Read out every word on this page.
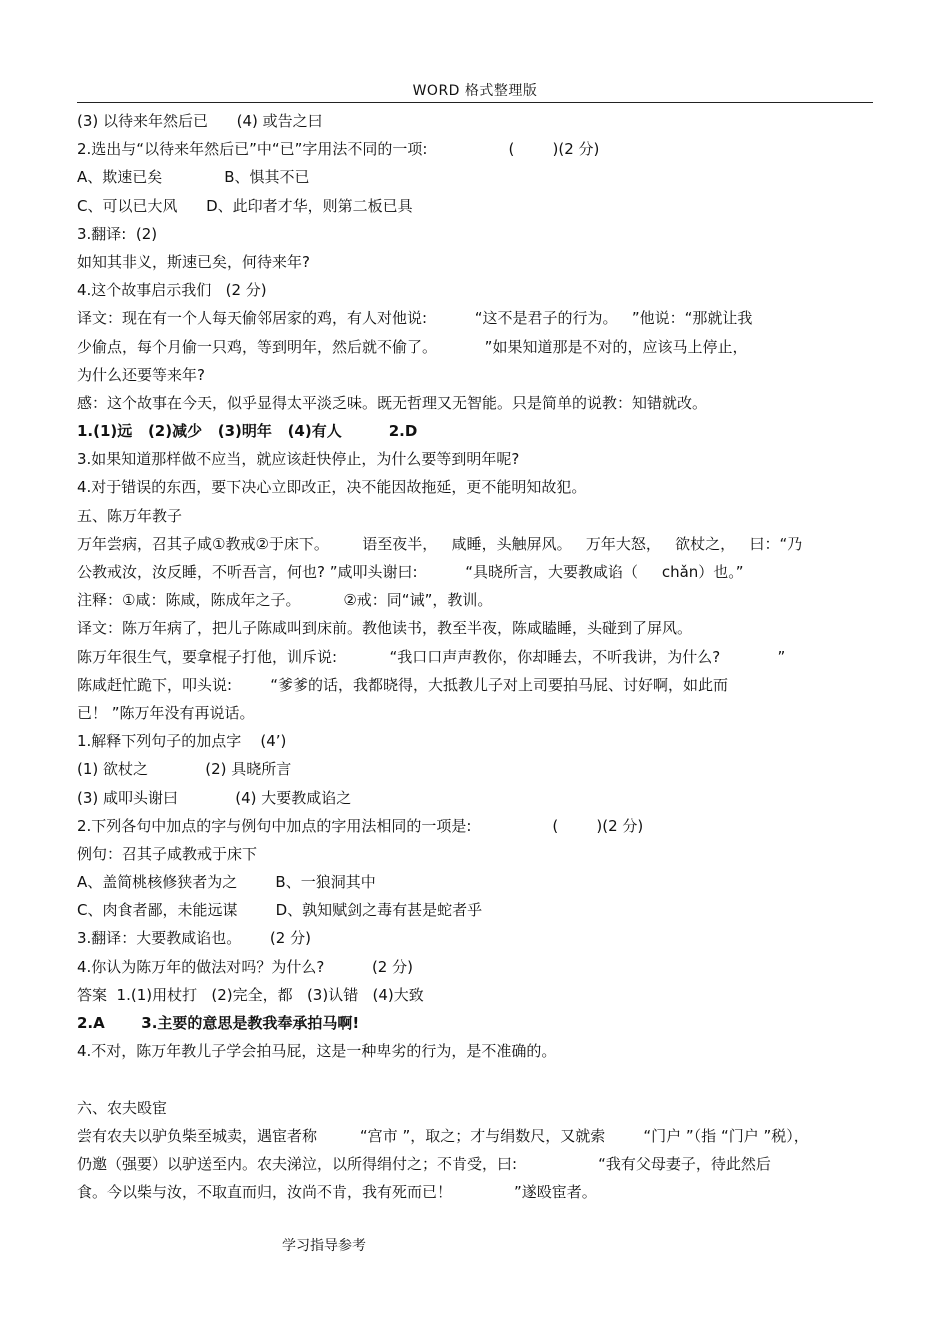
WORD 格式整理版
(3) 以待来年然后已      (4) 或告之曰
2.选出与“以待来年然后已”中“已”字用法不同的一项:                 (        )(2 分)
A、欺速已矣             B、惧其不已
C、可以已大风      D、此印者才华，则第二板已具
3.翻译:  (2)
如知其非义，斯速已矣，何待来年?
4.这个故事启示我们   (2 分)
译文：现在有一个人每天偷邻居家的鸡，有人对他说:          “这不是君子的行为。   ”他说：“那就让我
少偷点，每个月偷一只鸡，等到明年，然后就不偷了。          ”如果知道那是不对的，应该马上停止，
为什么还要等来年?
感：这个故事在今天，似乎显得太平淡乏味。既无哲理又无智能。只是简单的说教：知错就改。
1.(1)远   (2)减少   (3)明年   (4)有人         2.D
3.如果知道那样做不应当，就应该赶快停止，为什么要等到明年呢?
4.对于错误的东西，要下决心立即改正，决不能因故拖延，更不能明知故犯。
五、陈万年教子
万年尝病，召其子咸①教戒②于床下。       语至夜半，   咸睡，头触屏风。   万年大怒，   欲杖之，   曰：“乃
公教戒汝，汝反睡，不听吾言，何也? ”咸叩头谢曰:          “具晓所言，大要教咸谄（     chǎn）也。”
注释：①咸：陈咸，陈成年之子。         ②戒：同“诫”，教训。
译文：陈万年病了，把儿子陈咸叫到床前。教他读书，教至半夜，陈咸瞌睡，头碰到了屏风。
陈万年很生气，要拿棍子打他，训斥说:           “我口口声声教你，你却睡去，不听我讲，为什么?            ”
陈咸赶忙跪下，叩头说:        “爹爹的话，我都晓得，大抵教儿子对上司要拍马屁、讨好啊，如此而
已！ ”陈万年没有再说话。
1.解释下列句子的加点字    (4’)
(1) 欲杖之            (2) 具晓所言
(3) 咸叩头谢曰            (4) 大要教咸谄之
2.下列各句中加点的字与例句中加点的字用法相同的一项是:                 (        )(2 分)
例句：召其子咸教戒于床下
A、盖简桃核修狭者为之        B、一狼洞其中
C、肉食者鄙，未能远谋        D、孰知赋剑之毒有甚是蛇者乎
3.翻译：大要教咸谄也。      (2 分)
4.你认为陈万年的做法对吗？为什么?          (2 分)
答案  1.(1)用杖打   (2)完全，都   (3)认错   (4)大致
2.A       3.主要的意思是教我奉承拍马啊!
4.不对，陈万年教儿子学会拍马屁，这是一种卑劣的行为，是不准确的。
六、农夫殴宦
尝有农夫以驴负柴至城卖，遇宦者称         “宫市 ”，取之；才与绢数尺，又就索        “门户 ”（指 “门户 ”税），
仍邀（强要）以驴送至内。农夫涕泣，以所得绢付之；不肯受，曰:                 “我有父母妻子，待此然后
食。今以柴与汝，不取直而归，汝尚不肯，我有死而已！             ”遂殴宦者。
学习指导参考
